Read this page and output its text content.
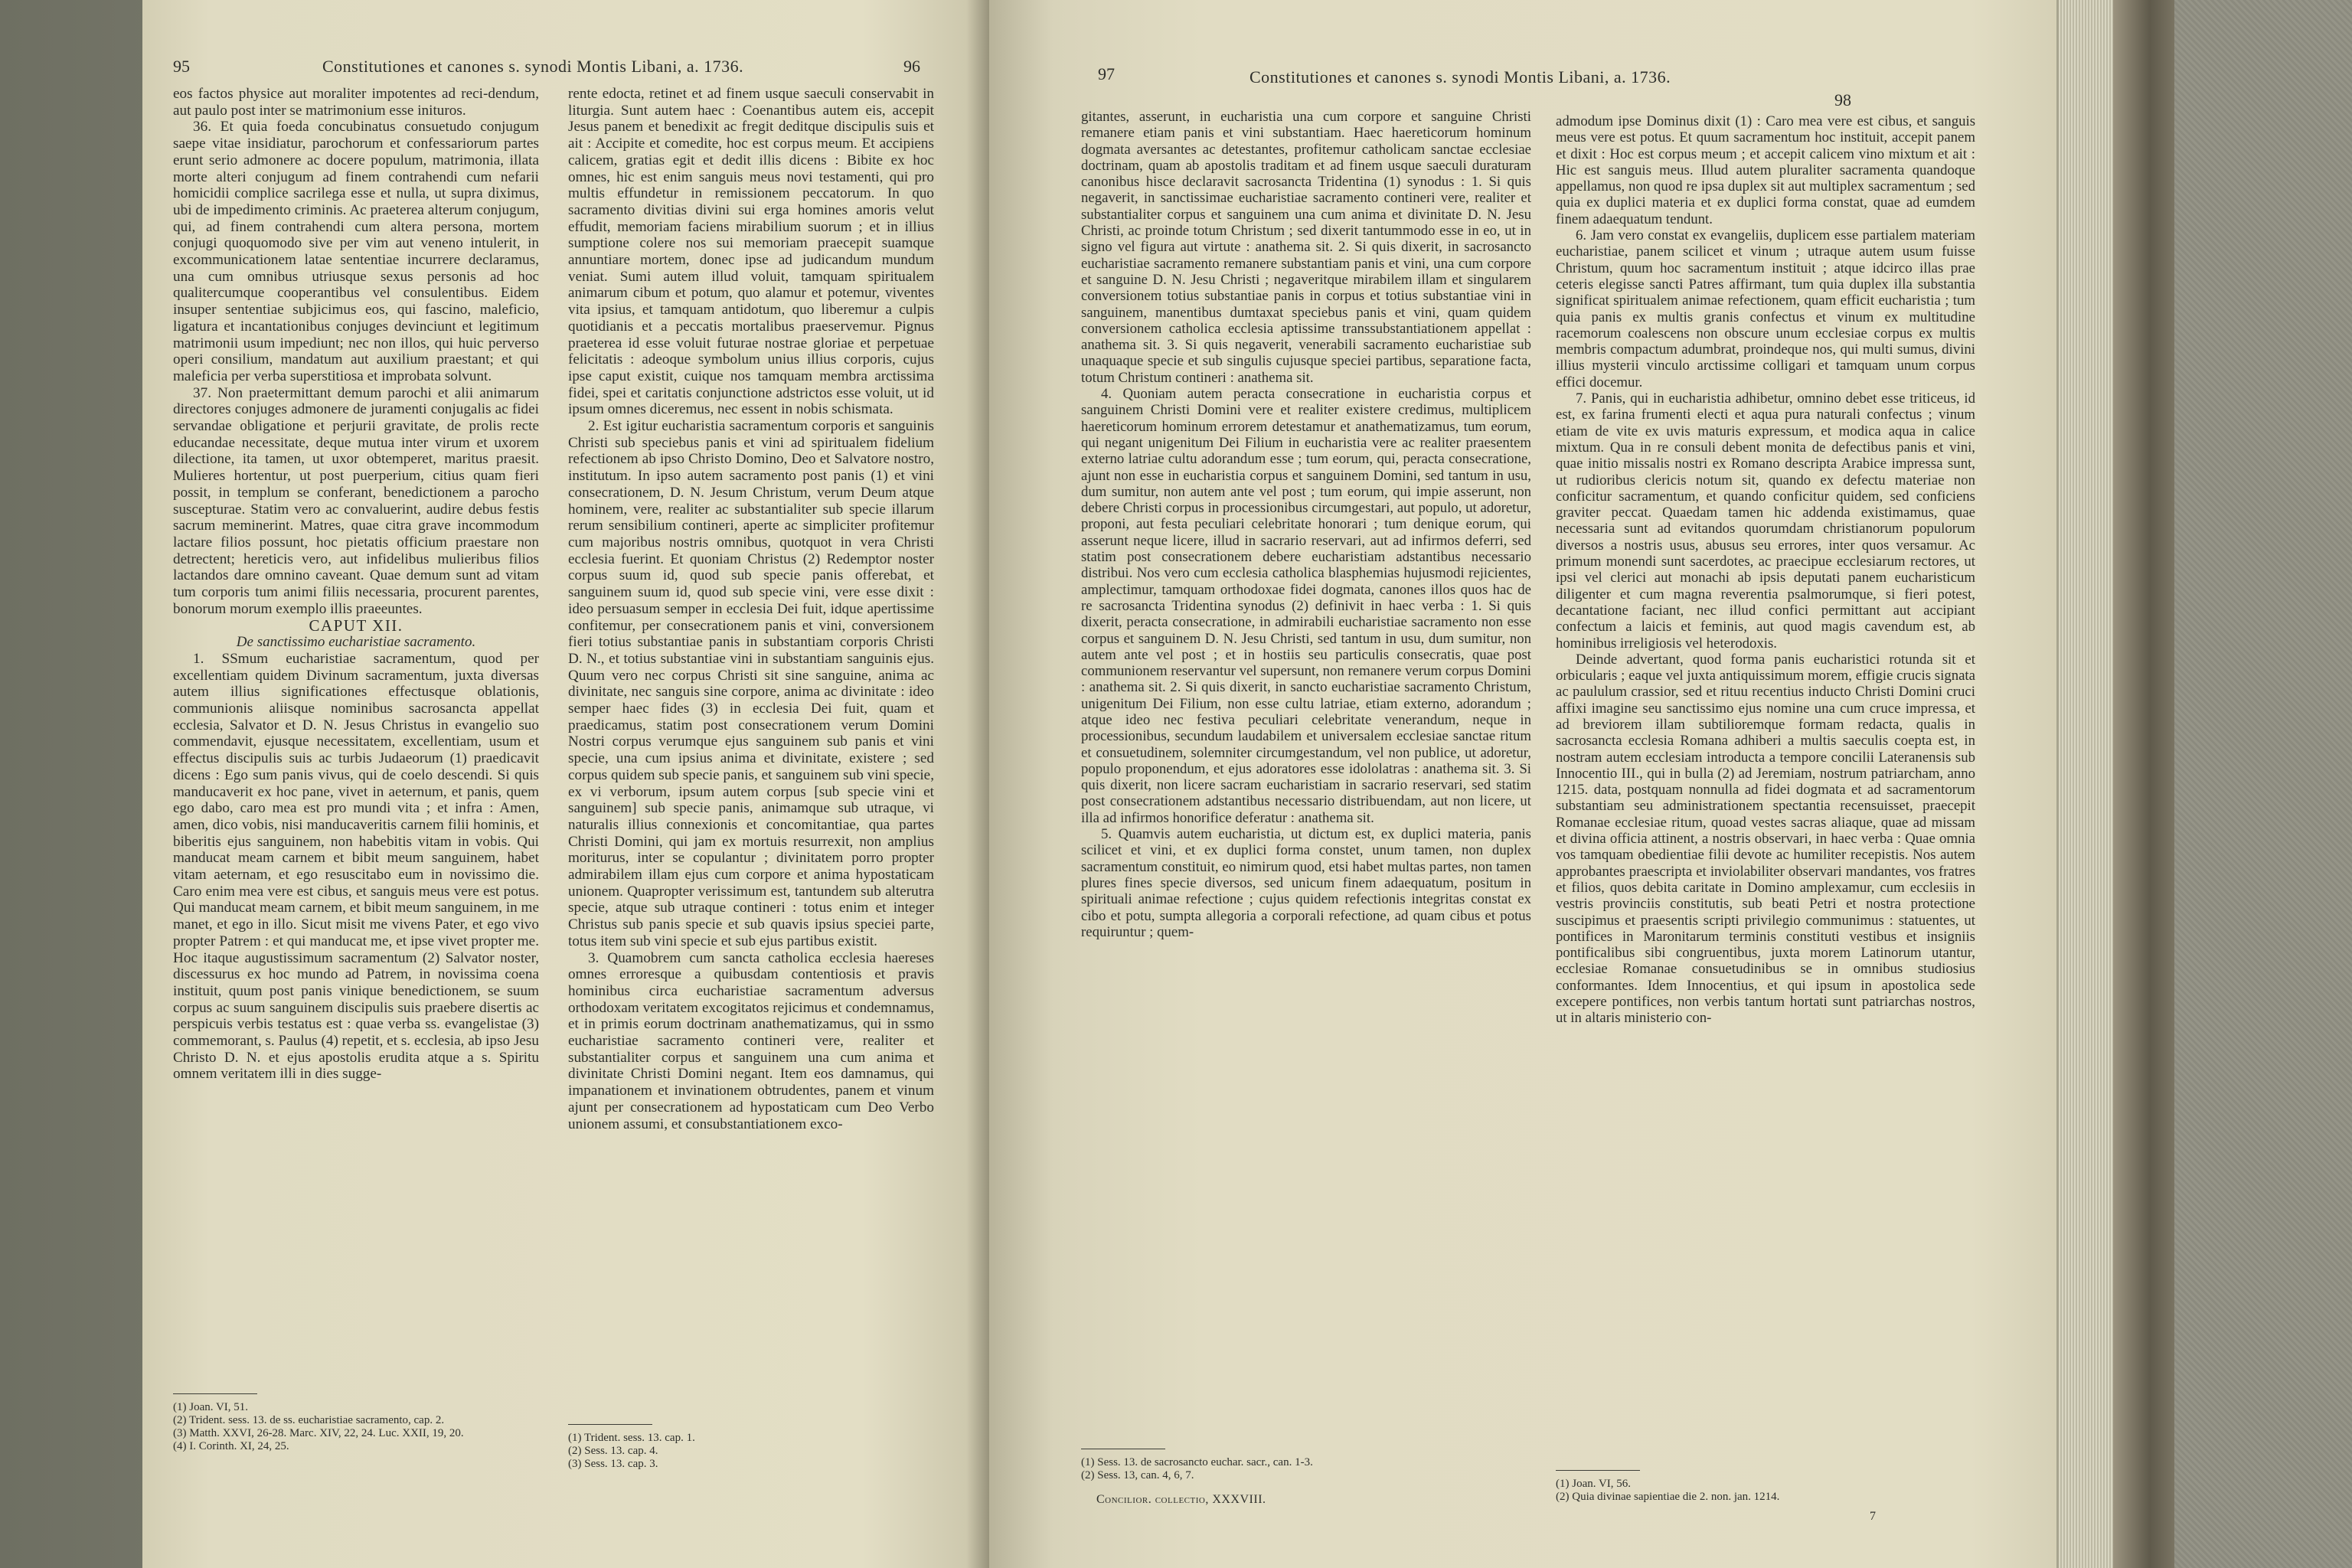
95	Constitutiones et canones s. synodi Montis Libani, a. 1736.	96

eos factos physice aut moraliter impotentes ad reci-dendum, aut paulo post inter se matrimonium esse inituros.

36. Et quia foeda concubinatus consuetudo conjugum saepe vitae insidiatur, parochorum et confessariorum partes erunt serio admonere ac docere populum, matrimonia, illata morte alteri conjugum ad finem contrahendi cum nefarii homicidii complice sacrilega esse et nulla, ut supra diximus, ubi de impedimento criminis. Ac praeterea alterum conjugum, qui, ad finem contrahendi cum altera persona, mortem conjugi quoquomodo sive per vim aut veneno intulerit, in excommunicationem latae sententiae incurrere declaramus, una cum omnibus utriusque sexus personis ad hoc qualitercumque cooperantibus vel consulentibus. Eidem insuper sententiae subjicimus eos, qui fascino, maleficio, ligatura et incantationibus conjuges devinciunt et legitimum matrimonii usum impediunt; nec non illos, qui huic perverso operi consilium, mandatum aut auxilium praestant; et qui maleficia per verba superstitiosa et improbata solvunt.

37. Non praetermittant demum parochi et alii animarum directores conjuges admonere de juramenti conjugalis ac fidei servandae obligatione et perjurii gravitate, de prolis recte educandae necessitate, deque mutua inter virum et uxorem dilectione, ita tamen, ut uxor obtemperet, maritus praesit. Mulieres hortentur, ut post puerperium, citius quam fieri possit, in templum se conferant, benedictionem a parocho suscepturae. Statim vero ac convaluerint, audire debus festis sacrum meminerint. Matres, quae citra grave incommodum lactare filios possunt, hoc pietatis officium praestare non detrectent; hereticis vero, aut infidelibus mulieribus filios lactandos dare omnino caveant. Quae demum sunt ad vitam tum corporis tum animi filiis necessaria, procurent parentes, bonorum morum exemplo illis praeeuntes.

CAPUT XII.

De sanctissimo eucharistiae sacramento.

1. SSmum eucharistiae sacramentum, quod per excellentiam quidem Divinum sacramentum, juxta diversas autem illius significationes effectusque oblationis, communionis aliisque nominibus sacrosancta appellat ecclesia, Salvator et D. N. Jesus Christus in evangelio suo commendavit, ejusque necessitatem, excellentiam, usum et effectus discipulis suis ac turbis Judaeorum (1) praedicavit dicens : Ego sum panis vivus, qui de coelo descendi. Si quis manducaverit ex hoc pane, vivet in aeternum, et panis, quem ego dabo, caro mea est pro mundi vita ; et infra : Amen, amen, dico vobis, nisi manducaveritis carnem filii hominis, et biberitis ejus sanguinem, non habebitis vitam in vobis. Qui manducat meam carnem et bibit meum sanguinem, habet vitam aeternam, et ego resuscitabo eum in novissimo die. Caro enim mea vere est cibus, et sanguis meus vere est potus. Qui manducat meam carnem, et bibit meum sanguinem, in me manet, et ego in illo. Sicut misit me vivens Pater, et ego vivo propter Patrem : et qui manducat me, et ipse vivet propter me. Hoc itaque augustissimum sacramentum (2) Salvator noster, discessurus ex hoc mundo ad Patrem, in novissima coena instituit, quum post panis vinique benedictionem, se suum corpus ac suum sanguinem discipulis suis praebere disertis ac perspicuis verbis testatus est : quae verba ss. evangelistae (3) commemorant, s. Paulus (4) repetit, et s. ecclesia, ab ipso Jesu Christo D. N. et ejus apostolis erudita atque a s. Spiritu omnem veritatem illi in dies sugge-

(1) Joan. VI, 51.
(2) Trident. sess. 13. de ss. eucharistiae sacramento, cap. 2.
(3) Matth. XXVI, 26-28. Marc. XIV, 22, 24. Luc. XXII, 19, 20.
(4) I. Corinth. XI, 24, 25.

rente edocta, retinet et ad finem usque saeculi conservabit in liturgia. Sunt autem haec : Coenantibus autem eis, accepit Jesus panem et benedixit ac fregit deditque discipulis suis et ait : Accipite et comedite, hoc est corpus meum. Et accipiens calicem, gratias egit et dedit illis dicens : Bibite ex hoc omnes, hic est enim sanguis meus novi testamenti, qui pro multis effundetur in remissionem peccatorum. In quo sacramento divitias divini sui erga homines amoris velut effudit, memoriam faciens mirabilium suorum ; et in illius sumptione colere nos sui memoriam praecepit suamque annuntiare mortem, donec ipse ad judicandum mundum veniat. Sumi autem illud voluit, tamquam spiritualem animarum cibum et potum, quo alamur et potemur, viventes vita ipsius, et tamquam antidotum, quo liberemur a culpis quotidianis et a peccatis mortalibus praeservemur. Pignus praeterea id esse voluit futurae nostrae gloriae et perpetuae felicitatis : adeoque symbolum unius illius corporis, cujus ipse caput existit, cuique nos tamquam membra arctissima fidei, spei et caritatis conjunctione adstrictos esse voluit, ut id ipsum omnes diceremus, nec essent in nobis schismata.

2. Est igitur eucharistia sacramentum corporis et sanguinis Christi sub speciebus panis et vini ad spiritualem fidelium refectionem ab ipso Christo Domino, Deo et Salvatore nostro, institutum. In ipso autem sacramento post panis (1) et vini consecrationem, D. N. Jesum Christum, verum Deum atque hominem, vere, realiter ac substantialiter sub specie illarum rerum sensibilium contineri, aperte ac simpliciter profitemur cum majoribus nostris omnibus, quotquot in vera Christi ecclesia fuerint. Et quoniam Christus (2) Redemptor noster corpus suum id, quod sub specie panis offerebat, et sanguinem suum id, quod sub specie vini, vere esse dixit : ideo persuasum semper in ecclesia Dei fuit, idque apertissime confitemur, per consecrationem panis et vini, conversionem fieri totius substantiae panis in substantiam corporis Christi D. N., et totius substantiae vini in substantiam sanguinis ejus. Quum vero nec corpus Christi sit sine sanguine, anima ac divinitate, nec sanguis sine corpore, anima ac divinitate : ideo semper haec fides (3) in ecclesia Dei fuit, quam et praedicamus, statim post consecrationem verum Domini Nostri corpus verumque ejus sanguinem sub panis et vini specie, una cum ipsius anima et divinitate, existere ; sed corpus quidem sub specie panis, et sanguinem sub vini specie, ex vi verborum, ipsum autem corpus [sub specie vini et sanguinem] sub specie panis, animamque sub utraque, vi naturalis illius connexionis et concomitantiae, qua partes Christi Domini, qui jam ex mortuis resurrexit, non amplius moriturus, inter se copulantur ; divinitatem porro propter admirabilem illam ejus cum corpore et anima hypostaticam unionem. Quapropter verissimum est, tantundem sub alterutra specie, atque sub utraque contineri : totus enim et integer Christus sub panis specie et sub quavis ipsius speciei parte, totus item sub vini specie et sub ejus partibus existit.

3. Quamobrem cum sancta catholica ecclesia haereses omnes erroresque a quibusdam contentiosis et pravis hominibus circa eucharistiae sacramentum adversus orthodoxam veritatem excogitatos rejicimus et condemnamus, et in primis eorum doctrinam anathematizamus, qui in ssmo eucharistiae sacramento contineri vere, realiter et substantialiter corpus et sanguinem una cum anima et divinitate Christi Domini negant. Item eos damnamus, qui impanationem et invinationem obtrudentes, panem et vinum ajunt per consecrationem ad hypostaticam cum Deo Verbo unionem assumi, et consubstantiationem exco-

(1) Trident. sess. 13. cap. 1.
(2) Sess. 13. cap. 4.
(3) Sess. 13. cap. 3.
97	Constitutiones et canones s. synodi Montis Libani, a. 1736.
98

gitantes, asserunt, in eucharistia una cum corpore et sanguine Christi remanere etiam panis et vini substantiam. Haec haereticorum hominum dogmata aversantes ac detestantes, profitemur catholicam sanctae ecclesiae doctrinam, quam ab apostolis traditam et ad finem usque saeculi duraturam canonibus hisce declaravit sacrosancta Tridentina (1) synodus : 1. Si quis negaverit, in sanctissimae eucharistiae sacramento contineri vere, realiter et substantialiter corpus et sanguinem una cum anima et divinitate D. N. Jesu Christi, ac proinde totum Christum ; sed dixerit tantummodo esse in eo, ut in signo vel figura aut virtute : anathema sit. 2. Si quis dixerit, in sacrosancto eucharistiae sacramento remanere substantiam panis et vini, una cum corpore et sanguine D. N. Jesu Christi ; negaveritque mirabilem illam et singularem conversionem totius substantiae panis in corpus et totius substantiae vini in sanguinem, manentibus dumtaxat speciebus panis et vini, quam quidem conversionem catholica ecclesia aptissime transsubstantiationem appellat : anathema sit. 3. Si quis negaverit, venerabili sacramento eucharistiae sub unaquaque specie et sub singulis cujusque speciei partibus, separatione facta, totum Christum contineri : anathema sit.

4. Quoniam autem peracta consecratione in eucharistia corpus et sanguinem Christi Domini vere et realiter existere credimus, multiplicem haereticorum hominum errorem detestamur et anathematizamus, tum eorum, qui negant unigenitum Dei Filium in eucharistia vere ac realiter praesentem externo latriae cultu adorandum esse ; tum eorum, qui, peracta consecratione, ajunt non esse in eucharistia corpus et sanguinem Domini, sed tantum in usu, dum sumitur, non autem ante vel post ; tum eorum, qui impie asserunt, non debere Christi corpus in processionibus circumgestari, aut populo, ut adoretur, proponi, aut festa peculiari celebritate honorari ; tum denique eorum, qui asserunt neque licere, illud in sacrario reservari, aut ad infirmos deferri, sed statim post consecrationem debere eucharistiam adstantibus necessario distribui. Nos vero cum ecclesia catholica blasphemias hujusmodi rejicientes, amplectimur, tamquam orthodoxae fidei dogmata, canones illos quos hac de re sacrosancta Tridentina synodus (2) definivit in haec verba : 1. Si quis dixerit, peracta consecratione, in admirabili eucharistiae sacramento non esse corpus et sanguinem D. N. Jesu Christi, sed tantum in usu, dum sumitur, non autem ante vel post ; et in hostiis seu particulis consecratis, quae post communionem reservantur vel supersunt, non remanere verum corpus Domini : anathema sit. 2. Si quis dixerit, in sancto eucharistiae sacramento Christum, unigenitum Dei Filium, non esse cultu latriae, etiam externo, adorandum ; atque ideo nec festiva peculiari celebritate venerandum, neque in processionibus, secundum laudabilem et universalem ecclesiae sanctae ritum et consuetudinem, solemniter circumgestandum, vel non publice, ut adoretur, populo proponendum, et ejus adoratores esse idololatras : anathema sit. 3. Si quis dixerit, non licere sacram eucharistiam in sacrario reservari, sed statim post consecrationem adstantibus necessario distribuendam, aut non licere, ut illa ad infirmos honorifice deferatur : anathema sit.

5. Quamvis autem eucharistia, ut dictum est, ex duplici materia, panis scilicet et vini, et ex duplici forma constet, unum tamen, non duplex sacramentum constituit, eo nimirum quod, etsi habet multas partes, non tamen plures fines specie diversos, sed unicum finem adaequatum, positum in spirituali animae refectione ; cujus quidem refectionis integritas constat ex cibo et potu, sumpta allegoria a corporali refectione, ad quam cibus et potus requiruntur ; quem-

(1) Sess. 13. de sacrosancto euchar. sacr., can. 1-3.
(2) Sess. 13, can. 4, 6, 7.
Concilior. collectio, XXXVIII.

admodum ipse Dominus dixit (1) : Caro mea vere est cibus, et sanguis meus vere est potus. Et quum sacramentum hoc instituit, accepit panem et dixit : Hoc est corpus meum ; et accepit calicem vino mixtum et ait : Hic est sanguis meus. Illud autem pluraliter sacramenta quandoque appellamus, non quod re ipsa duplex sit aut multiplex sacramentum ; sed quia ex duplici materia et ex duplici forma constat, quae ad eumdem finem adaequatum tendunt.

6. Jam vero constat ex evangeliis, duplicem esse partialem materiam eucharistiae, panem scilicet et vinum ; utraque autem usum fuisse Christum, quum hoc sacramentum instituit ; atque idcirco illas prae ceteris elegisse sancti Patres affirmant, tum quia duplex illa substantia significat spiritualem animae refectionem, quam efficit eucharistia ; tum quia panis ex multis granis confectus et vinum ex multitudine racemorum coalescens non obscure unum ecclesiae corpus ex multis membris compactum adumbrat, proindeque nos, qui multi sumus, divini illius mysterii vinculo arctissime colligari et tamquam unum corpus effici docemur.

7. Panis, qui in eucharistia adhibetur, omnino debet esse triticeus, id est, ex farina frumenti electi et aqua pura naturali confectus ; vinum etiam de vite ex uvis maturis expressum, et modica aqua in calice mixtum. Qua in re consuli debent monita de defectibus panis et vini, quae initio missalis nostri ex Romano descripta Arabice impressa sunt, ut rudioribus clericis notum sit, quando ex defectu materiae non conficitur sacramentum, et quando conficitur quidem, sed conficiens graviter peccat. Quaedam tamen hic addenda existimamus, quae necessaria sunt ad evitandos quorumdam christianorum populorum diversos a nostris usus, abusus seu errores, inter quos versamur. Ac primum monendi sunt sacerdotes, ac praecipue ecclesiarum rectores, ut ipsi vel clerici aut monachi ab ipsis deputati panem eucharisticum diligenter et cum magna reverentia psalmorumque, si fieri potest, decantatione faciant, nec illud confici permittant aut accipiant confectum a laicis et feminis, aut quod magis cavendum est, ab hominibus irreligiosis vel heterodoxis.

Deinde advertant, quod forma panis eucharistici rotunda sit et orbicularis ; eaque vel juxta antiquissimum morem, effigie crucis signata ac paululum crassior, sed et rituu recentius inducto Christi Domini cruci affixi imagine seu sanctissimo ejus nomine una cum cruce impressa, et ad breviorem illam subtilioremque formam redacta, qualis in sacrosancta ecclesia Romana adhiberi a multis saeculis coepta est, in nostram autem ecclesiam introducta a tempore concilii Lateranensis sub Innocentio III., qui in bulla (2) ad Jeremiam, nostrum patriarcham, anno 1215. data, postquam nonnulla ad fidei dogmata et ad sacramentorum substantiam seu administrationem spectantia recensuisset, praecepit Romanae ecclesiae ritum, quoad vestes sacras aliaque, quae ad missam et divina officia attinent, a nostris observari, in haec verba : Quae omnia vos tamquam obedientiae filii devote ac humiliter recepistis. Nos autem approbantes praescripta et inviolabiliter observari mandantes, vos fratres et filios, quos debita caritate in Domino amplexamur, cum ecclesiis in vestris provinciis constitutis, sub beati Petri et nostra protectione suscipimus et praesentis scripti privilegio communimus : statuentes, ut pontifices in Maronitarum terminis constituti vestibus et insigniis pontificalibus sibi congruentibus, juxta morem Latinorum utantur, ecclesiae Romanae consuetudinibus se in omnibus studiosius conformantes. Idem Innocentius, et qui ipsum in apostolica sede excepere pontifices, non verbis tantum hortati sunt patriarchas nostros, ut in altaris ministerio con-

(1) Joan. VI, 56.
(2) Quia divinae sapientiae die 2. non. jan. 1214.
7
